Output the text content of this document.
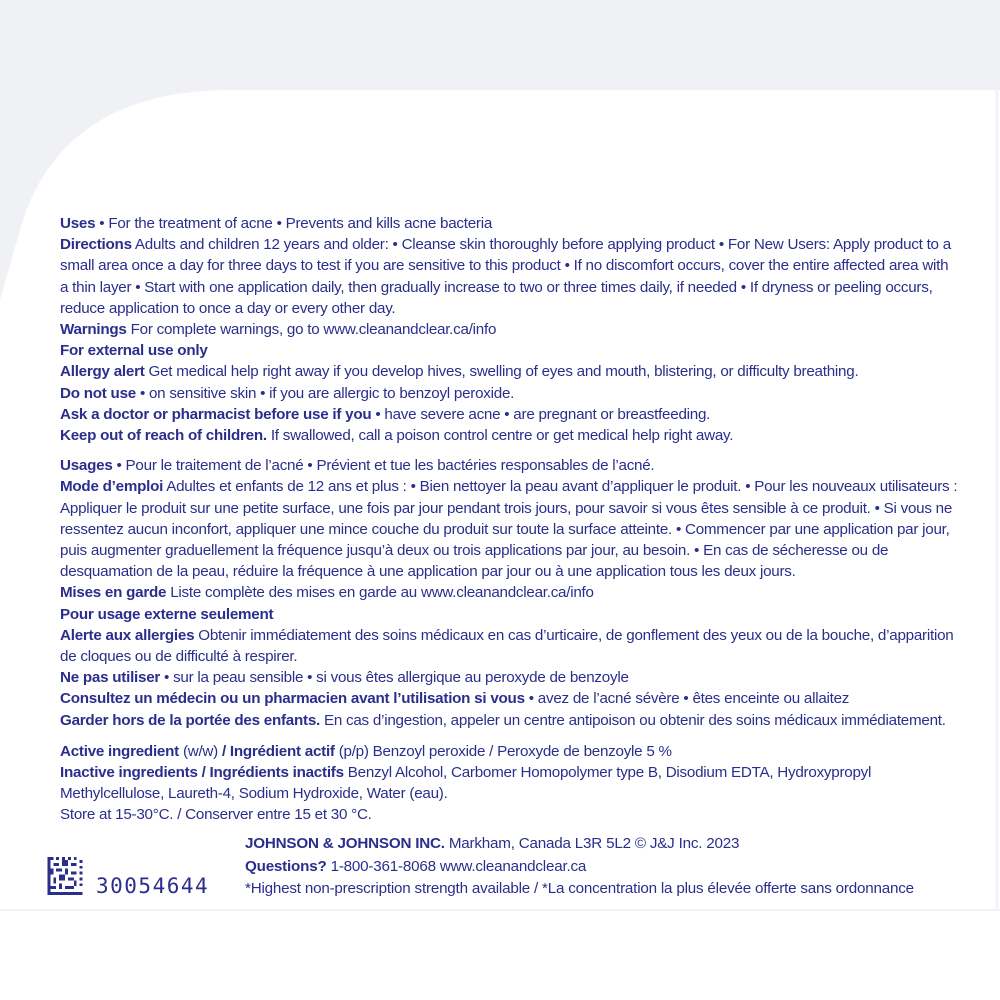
Uses • For the treatment of acne • Prevents and kills acne bacteria

Directions Adults and children 12 years and older: • Cleanse skin thoroughly before applying product • For New Users: Apply product to a small area once a day for three days to test if you are sensitive to this product • If no discomfort occurs, cover the entire affected area with a thin layer • Start with one application daily, then gradually increase to two or three times daily, if needed • If dryness or peeling occurs, reduce application to once a day or every other day.

Warnings For complete warnings, go to www.cleanandclear.ca/info

For external use only

Allergy alert Get medical help right away if you develop hives, swelling of eyes and mouth, blistering, or difficulty breathing.

Do not use • on sensitive skin • if you are allergic to benzoyl peroxide.

Ask a doctor or pharmacist before use if you • have severe acne • are pregnant or breastfeeding.

Keep out of reach of children. If swallowed, call a poison control centre or get medical help right away.

Usages • Pour le traitement de l’acné • Prévient et tue les bactéries responsables de l’acné.

Mode d’emploi Adultes et enfants de 12 ans et plus : • Bien nettoyer la peau avant d’appliquer le produit. • Pour les nouveaux utilisateurs : Appliquer le produit sur une petite surface, une fois par jour pendant trois jours, pour savoir si vous êtes sensible à ce produit. • Si vous ne ressentez aucun inconfort, appliquer une mince couche du produit sur toute la surface atteinte. • Commencer par une application par jour, puis augmenter graduellement la fréquence jusqu’à deux ou trois applications par jour, au besoin. • En cas de sécheresse ou de desquamation de la peau, réduire la fréquence à une application par jour ou à une application tous les deux jours.

Mises en garde Liste complète des mises en garde au www.cleanandclear.ca/info

Pour usage externe seulement

Alerte aux allergies Obtenir immédiatement des soins médicaux en cas d’urticaire, de gonflement des yeux ou de la bouche, d’apparition de cloques ou de difficulté à respirer.

Ne pas utiliser • sur la peau sensible • si vous êtes allergique au peroxyde de benzoyle

Consultez un médecin ou un pharmacien avant l’utilisation si vous • avez de l’acné sévère • êtes enceinte ou allaitez

Garder hors de la portée des enfants. En cas d’ingestion, appeler un centre antipoison ou obtenir des soins médicaux immédiatement.

Active ingredient (w/w) / Ingrédient actif (p/p) Benzoyl peroxide / Peroxyde de benzoyle 5 %

Inactive ingredients / Ingrédients inactifs Benzyl Alcohol, Carbomer Homopolymer type B, Disodium EDTA, Hydroxypropyl Methylcellulose, Laureth-4, Sodium Hydroxide, Water (eau).

Store at 15-30°C. / Conserver entre 15 et 30 °C.

JOHNSON & JOHNSON INC. Markham, Canada L3R 5L2 © J&J Inc. 2023

Questions? 1-800-361-8068 www.cleanandclear.ca

*Highest non-prescription strength available / *La concentration la plus élevée offerte sans ordonnance

30054644
